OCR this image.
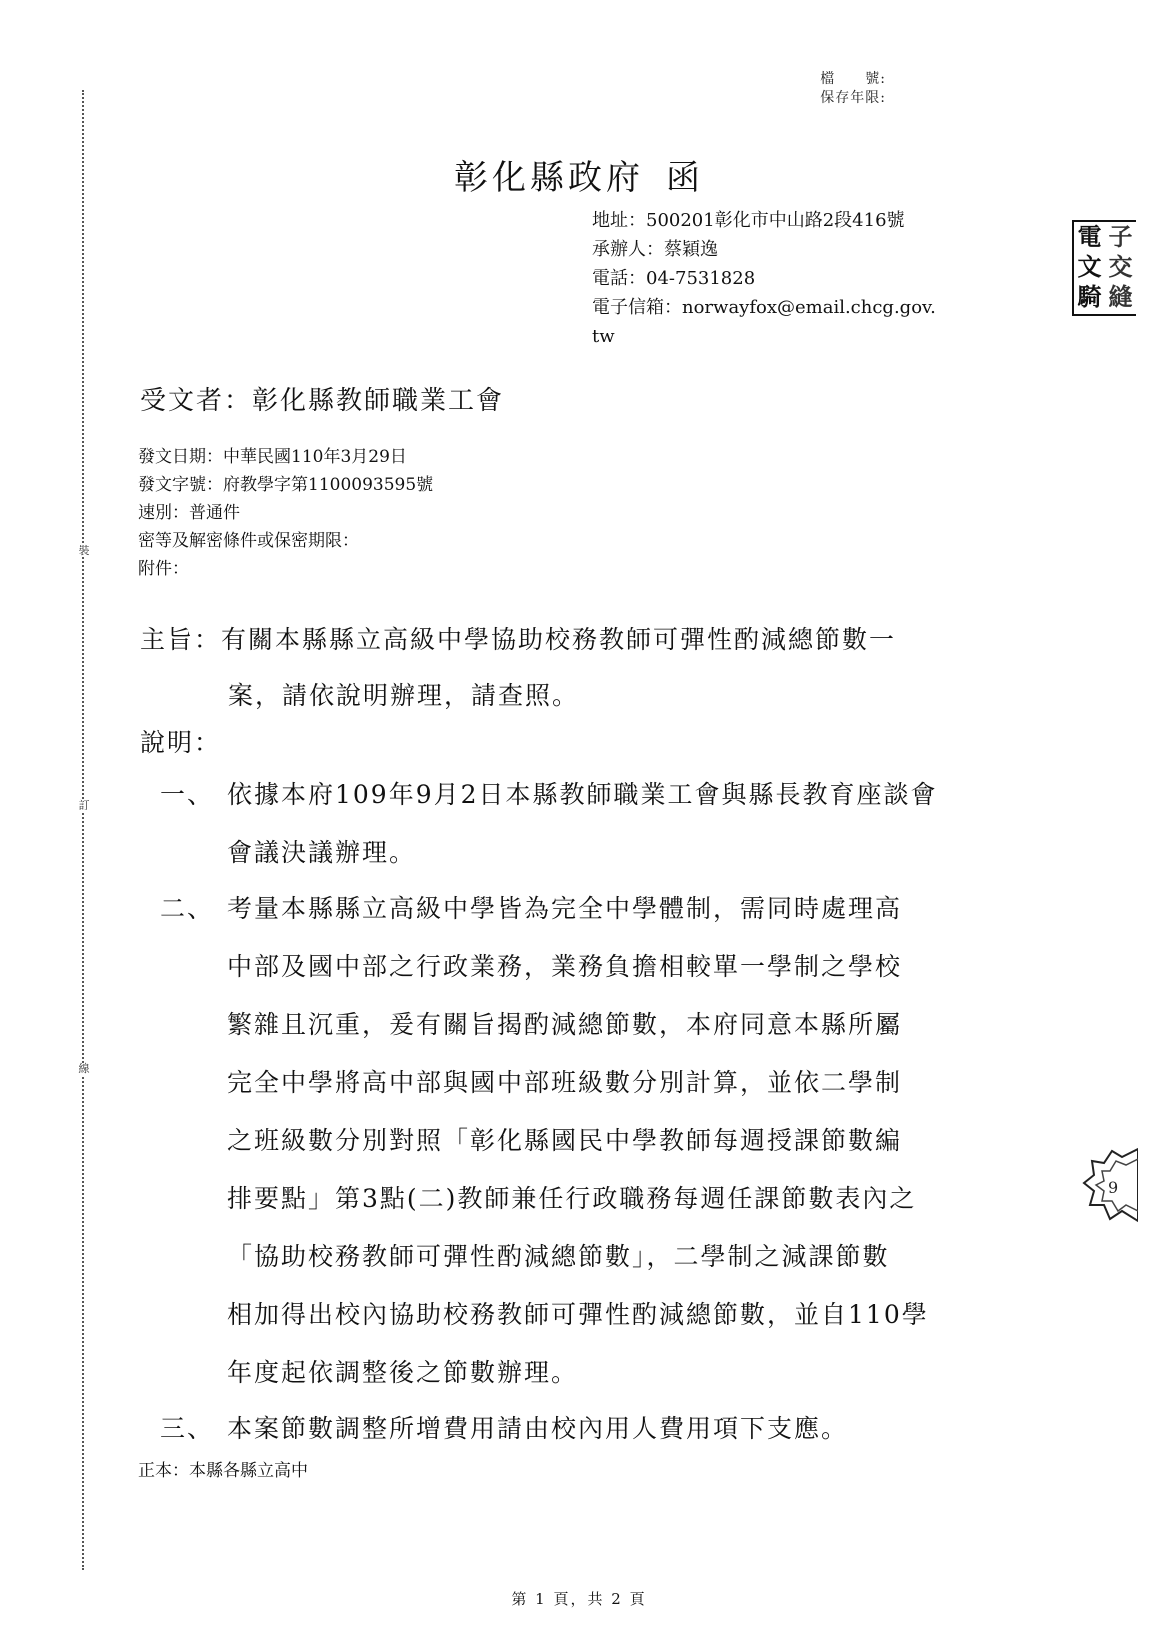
裝
訂
線
檔　　號:
保存年限:
彰化縣政府 函
地址：500201彰化市中山路2段416號
承辦人：蔡穎逸
電話：04-7531828
電子信箱：norwayfox@email.chcg.gov.
tw
電 子
文 交
騎 縫
受文者：彰化縣教師職業工會
發文日期：中華民國110年3月29日
發文字號：府教學字第1100093595號
速別：普通件
密等及解密條件或保密期限：
附件：
主旨：有關本縣縣立高級中學協助校務教師可彈性酌減總節數一
案，請依說明辦理，請查照。
說明：
一、 依據本府109年9月2日本縣教師職業工會與縣長教育座談會
會議決議辦理。
二、 考量本縣縣立高級中學皆為完全中學體制，需同時處理高
中部及國中部之行政業務，業務負擔相較單一學制之學校
繁雜且沉重，爰有關旨揭酌減總節數，本府同意本縣所屬
完全中學將高中部與國中部班級數分別計算，並依二學制
之班級數分別對照「彰化縣國民中學教師每週授課節數編
排要點」第3點(二)教師兼任行政職務每週任課節數表內之
「協助校務教師可彈性酌減總節數」，二學制之減課節數
相加得出校內協助校務教師可彈性酌減總節數，並自110學
年度起依調整後之節數辦理。
三、 本案節數調整所增費用請由校內用人費用項下支應。
正本：本縣各縣立高中
9
第 1 頁，共 2 頁
